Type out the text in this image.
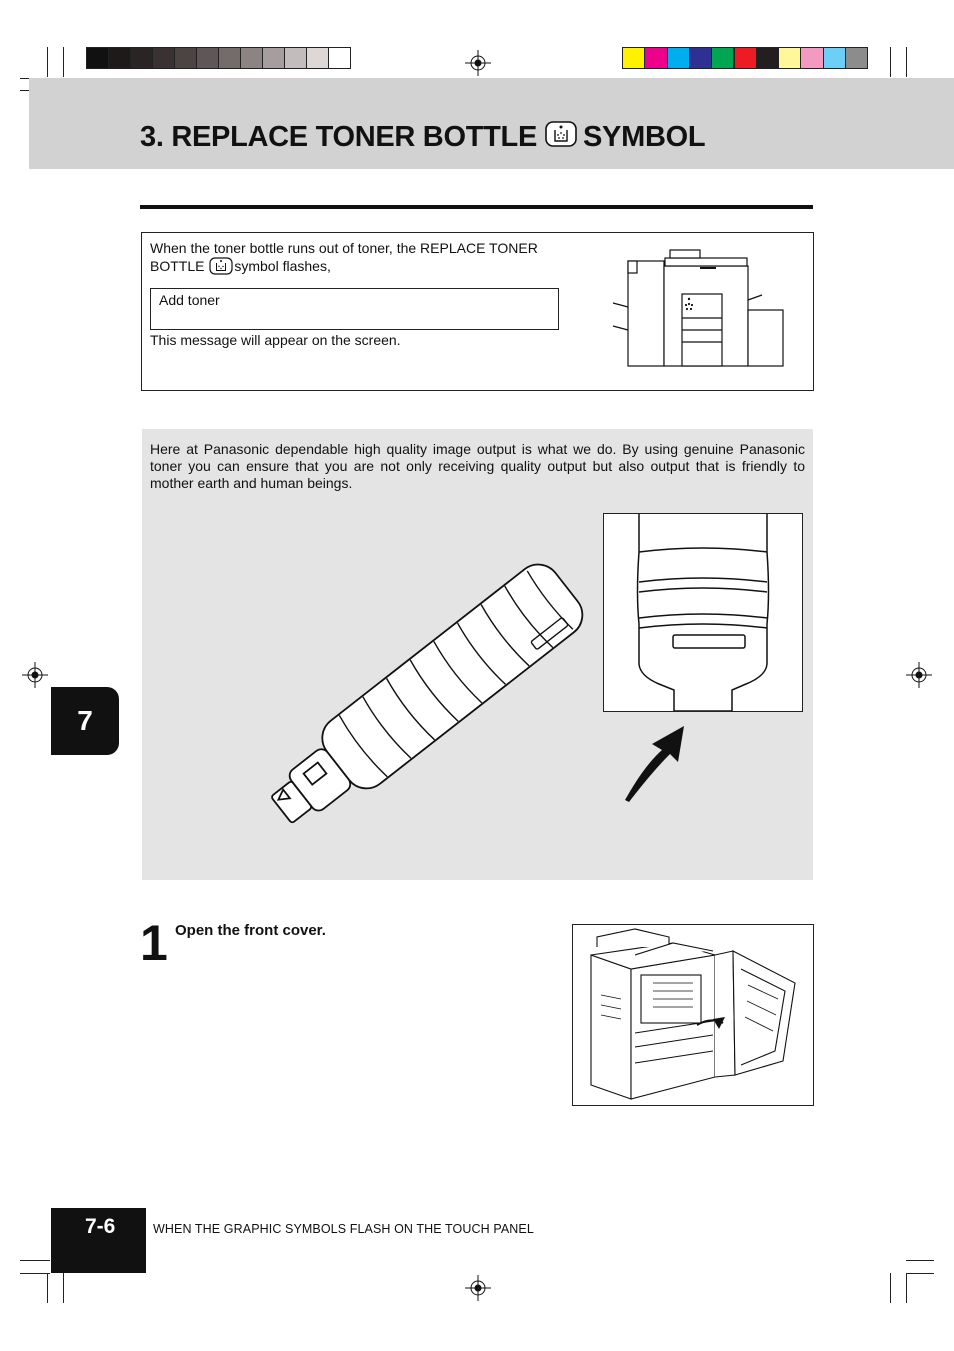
3. REPLACE TONER BOTTLE SYMBOL
When the toner bottle runs out of toner, the REPLACE TONER
BOTTLE symbol flashes,
Add toner
This message will appear on the screen.
Here at Panasonic dependable high quality image output is what we do. By using genuine Panasonic toner you can ensure that you are not only receiving quality output but also output that is friendly to mother earth and human beings.
7
1 Open the front cover.
7-6	WHEN THE GRAPHIC SYMBOLS FLASH ON THE TOUCH PANEL
